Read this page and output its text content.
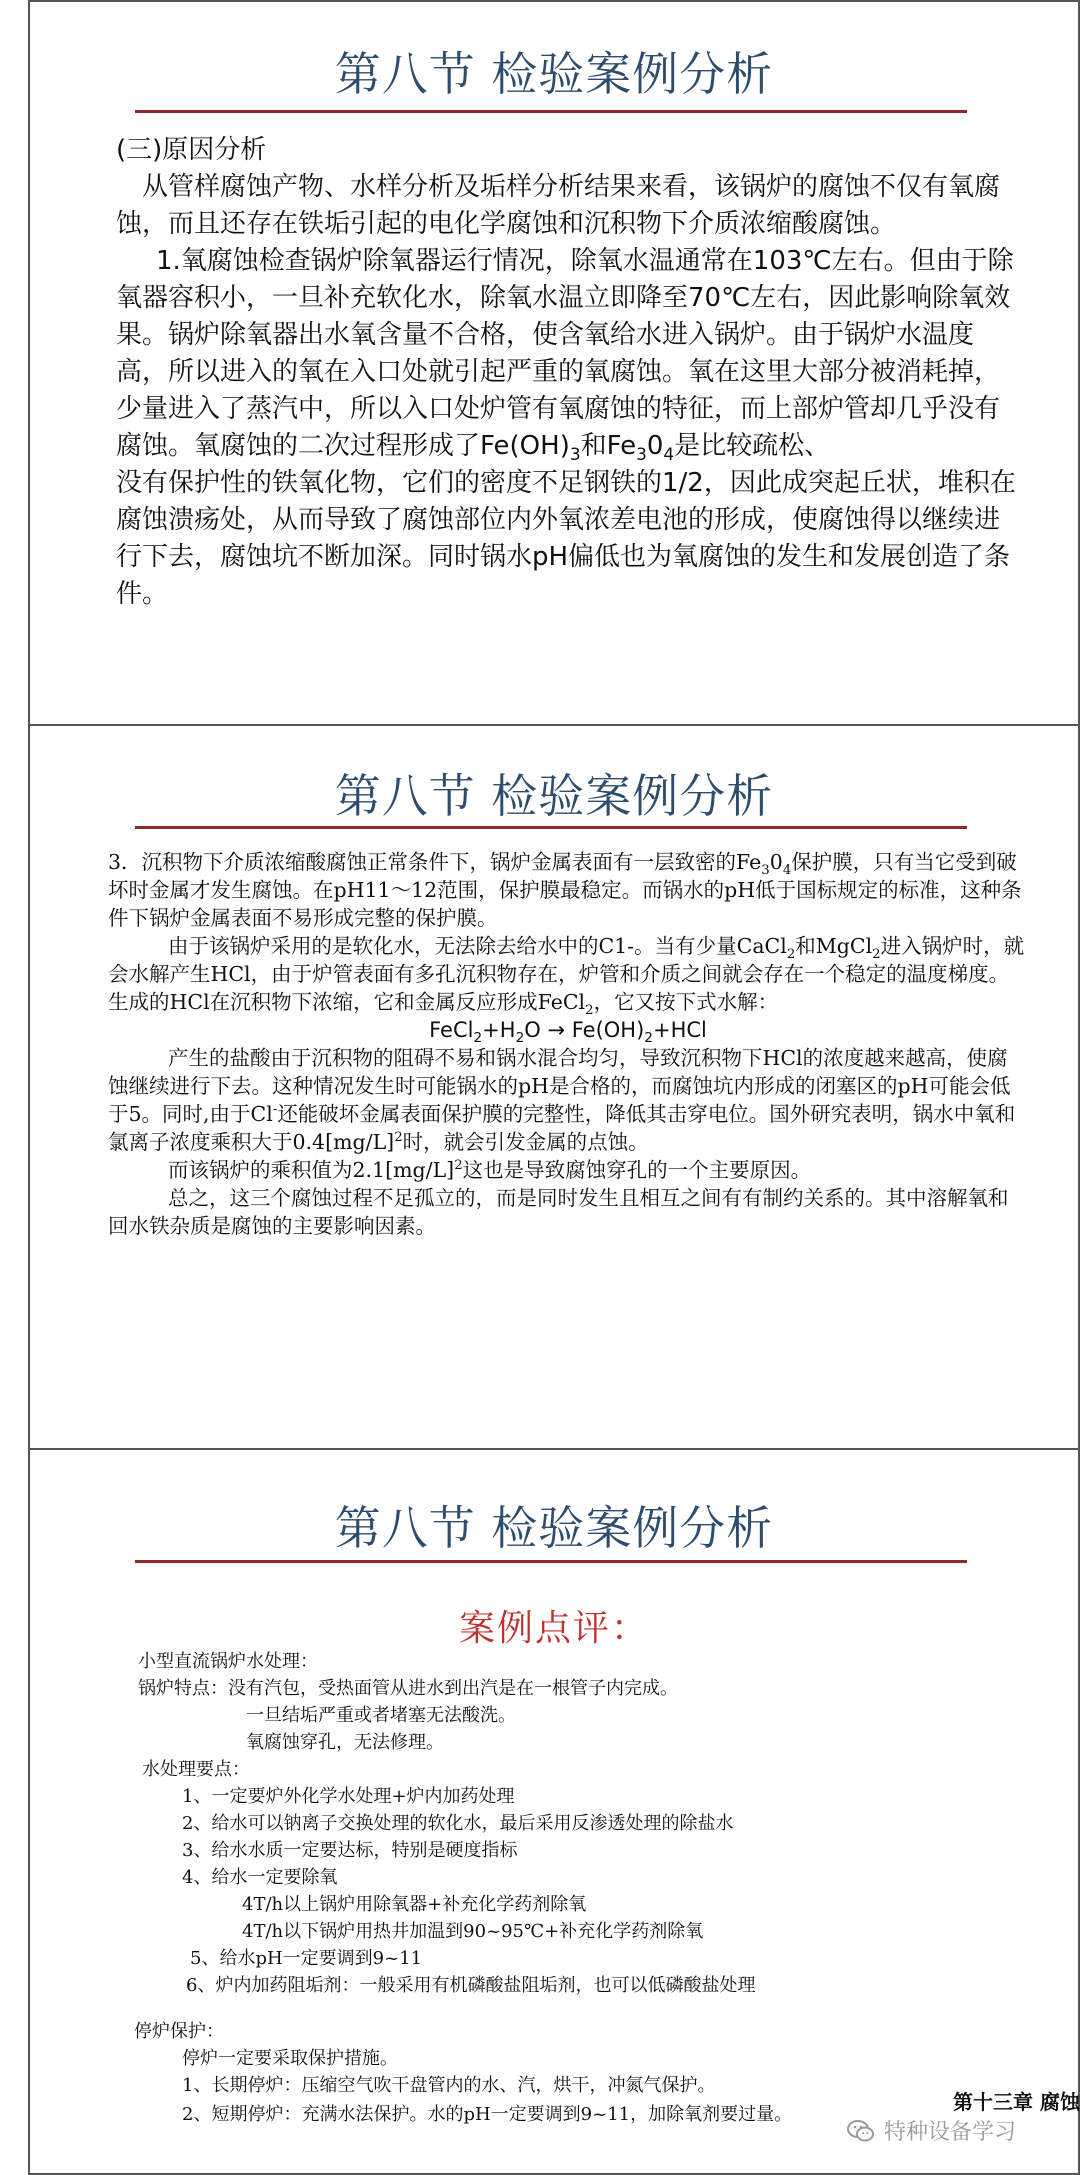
第八节 检验案例分析

(三)原因分析

从管样腐蚀产物、水样分析及垢样分析结果来看，该锅炉的腐蚀不仅有氧腐蚀，而且还存在铁垢引起的电化学腐蚀和沉积物下介质浓缩酸腐蚀。

1.氧腐蚀检查锅炉除氧器运行情况，除氧水温通常在103℃左右。但由于除氧器容积小，一旦补充软化水，除氧水温立即降至70℃左右，因此影响除氧效果。锅炉除氧器出水氧含量不合格，使含氧给水进入锅炉。由于锅炉水温度高，所以进入的氧在入口处就引起严重的氧腐蚀。氧在这里大部分被消耗掉，少量进入了蒸汽中，所以入口处炉管有氧腐蚀的特征，而上部炉管却几乎没有腐蚀。氧腐蚀的二次过程形成了$Fe(OH)_3$和$Fe_30_4$是比较疏松、

没有保护性的铁氧化物，它们的密度不足钢铁的1/2，因此成突起丘状，堆积在腐蚀溃疡处，从而导致了腐蚀部位内外氧浓差电池的形成，使腐蚀得以继续进行下去，腐蚀坑不断加深。同时锅水pH偏低也为氧腐蚀的发生和发展创造了条件。

第八节 检验案例分析

3．沉积物下介质浓缩酸腐蚀正常条件下，锅炉金属表面有一层致密的$Fe_30_4$保护膜，只有当它受到破坏时金属才发生腐蚀。在pH11～12范围，保护膜最稳定。而锅水的pH低于国标规定的标准，这种条件下锅炉金属表面不易形成完整的保护膜。

由于该锅炉采用的是软化水，无法除去给水中的C1-。当有少量CaCl$_2$和MgCl$_2$进入锅炉时，就会水解产生HCl，由于炉管表面有多孔沉积物存在，炉管和介质之间就会存在一个稳定的温度梯度。生成的HCl在沉积物下浓缩，它和金属反应形成FeCl$_2$，它又按下式水解：

$FeCl_2+H_2O \to Fe(OH)_2+HCl$

产生的盐酸由于沉积物的阻碍不易和锅水混合均匀，导致沉积物下HCl的浓度越来越高，使腐蚀继续进行下去。这种情况发生时可能锅水的pH是合格的，而腐蚀坑内形成的闭塞区的pH可能会低于5。同时,由于Cl-还能破坏金属表面保护膜的完整性，降低其击穿电位。国外研究表明，锅水中氧和氯离子浓度乘积大于$0.4[mg/L]^2$时，就会引发金属的点蚀。

而该锅炉的乘积值为$2.1[mg/L]^2$这也是导致腐蚀穿孔的一个主要原因。

总之，这三个腐蚀过程不足孤立的，而是同时发生且相互之间有有制约关系的。其中溶解氧和回水铁杂质是腐蚀的主要影响因素。

第八节 检验案例分析
案例点评：
小型直流锅炉水处理：
锅炉特点：没有汽包，受热面管从进水到出汽是在一根管子内完成。
一旦结垢严重或者堵塞无法酸洗。
氧腐蚀穿孔，无法修理。
水处理要点：
1、一定要炉外化学水处理+炉内加药处理
2、给水可以钠离子交换处理的软化水，最后采用反渗透处理的除盐水
3、给水水质一定要达标，特别是硬度指标
4、给水一定要除氧
4T/h以上锅炉用除氧器+补充化学药剂除氧
4T/h以下锅炉用热井加温到90~95℃+补充化学药剂除氧
5、给水pH一定要调到9~11
6、炉内加药阻垢剂：一般采用有机磷酸盐阻垢剂，也可以低磷酸盐处理
停炉保护：
停炉一定要采取保护措施。
1、长期停炉：压缩空气吹干盘管内的水、汽，烘干，冲氮气保护。
2、短期停炉：充满水法保护。水的pH一定要调到9~11，加除氧剂要过量。
第十三章 腐蚀
特种设备学习
